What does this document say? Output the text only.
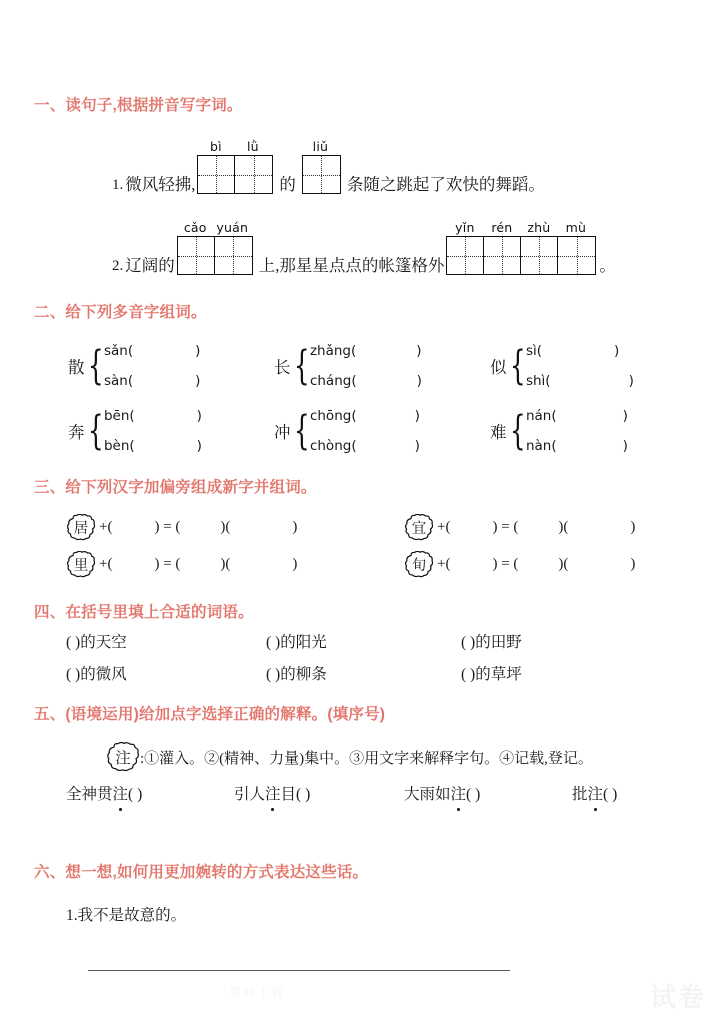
一、读句子,根据拼音写字词。
1. 微风轻拂,
bì	lǜ
的
liǔ
条随之跳起了欢快的舞蹈。
2. 辽阔的
cǎo yuán
上,那星星点点的帐篷格外
yǐn	rén	zhù	mù
。
二、给下列多音字组词。
散 { sǎn(	)
sàn(	)
长 { zhǎng(	)
cháng(	)
似 { sì(	)
shì(	)
奔 { bēn(	)
bèn(	)
冲 { chōng(	)
chòng(	)
难 { nán(	)
nàn(	)
三、给下列汉字加偏旁组成新字并组词。
居 +(	) = (	)(	)	宜 +(	) = (	)(	)
里 +(	) = (	)(	)	旬 +(	) = (	)(	)
四、在括号里填上合适的词语。
( )的天空	( )的阳光	( )的田野
( )的微风	( )的柳条	( )的草坪
五、 (语境运用) 给加点字选择正确的解释。 (填序号)
注 :①灌入。②(精神、力量)集中。③用文字来解释字句。④记载,登记。
全神贯注( )	引人注目( )	大雨如注( )	批注( )
六、想一想,如何用更加婉转的方式表达这些话。
1.我不是故意的。
资料下载
